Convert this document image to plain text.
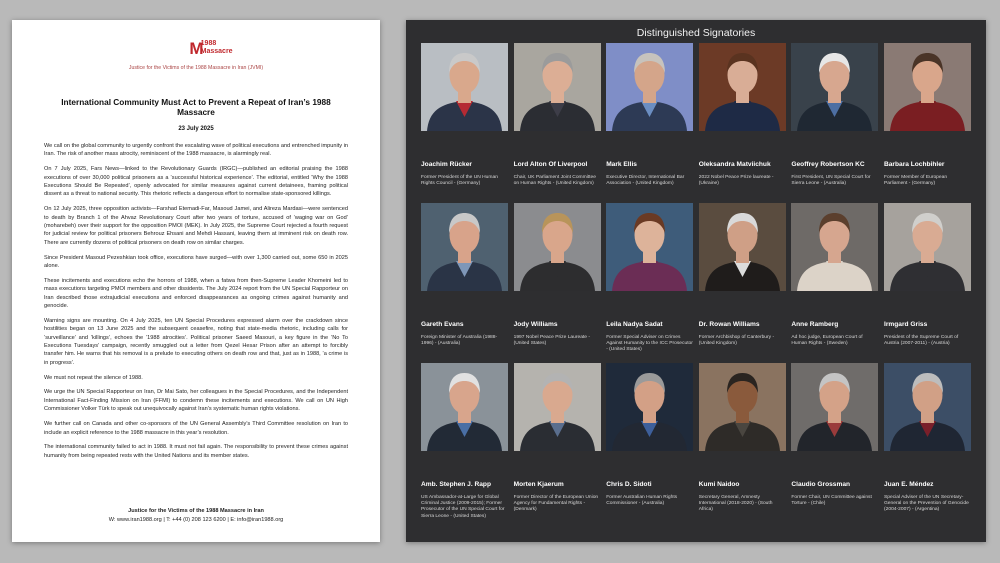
M
1988
Massacre
Justice for the Victims of the 1988 Massacre in Iran (JVMI)
International Community Must Act to Prevent a Repeat of Iran’s 1988 Massacre
23 July 2025

We call on the global community to urgently confront the escalating wave of political executions and entrenched impunity in Iran. The risk of another mass atrocity, reminiscent of the 1988 massacre, is alarmingly real.

On 7 July 2025, Fars News—linked to the Revolutionary Guards (IRGC)—published an editorial praising the 1988 executions of over 30,000 political prisoners as a ‘successful historical experience’. The editorial, entitled ‘Why the 1988 Executions Should Be Repeated’, openly advocated for similar measures against current detainees, framing political dissent as a threat to national security. This rhetoric reflects a dangerous effort to normalise state-sponsored killings.

On 12 July 2025, three opposition activists—Farshad Etemadi-Far, Masoud Jamei, and Alireza Mardasi—were sentenced to death by Branch 1 of the Ahvaz Revolutionary Court after two years of torture, accused of ‘waging war on God’ (moharebeh) over their support for the opposition PMOI (MEK). In July 2025, the Supreme Court rejected a fourth request for judicial review for political prisoners Behrouz Ehsani and Mehdi Hassani, leaving them at imminent risk on death row. There are currently dozens of political prisoners on death row on similar charges.

Since President Masoud Pezeshkian took office, executions have surged—with over 1,300 carried out, some 650 in 2025 alone.

These incitements and executions echo the horrors of 1988, when a fatwa from then-Supreme Leader Khomeini led to mass executions targeting PMOI members and other dissidents. The July 2024 report from the UN Special Rapporteur on Iran described those extrajudicial executions and enforced disappearances as ongoing crimes against humanity and genocide.

Warning signs are mounting. On 4 July 2025, ten UN Special Procedures expressed alarm over the crackdown since hostilities began on 13 June 2025 and the subsequent ceasefire, noting that state-media rhetoric, including calls for ‘surveillance’ and ‘killings’, echoes the ‘1988 atrocities’. Political prisoner Saeed Masouri, a key figure in the ‘No To Executions Tuesdays’ campaign, recently smuggled out a letter from Qezel Hesar Prison after an attempt to forcibly transfer him. He warns that his removal is a prelude to executing others on death row and that, just as in 1988, ‘a crime is in progress’.

We must not repeat the silence of 1988.

We urge the UN Special Rapporteur on Iran, Dr Mai Sato, her colleagues in the Special Procedures, and the Independent International Fact-Finding Mission on Iran (FFMI) to condemn these incitements and executions. We call on UN High Commissioner Volker Türk to speak out unequivocally against Iran’s systematic human rights violations.

We further call on Canada and other co-sponsors of the UN General Assembly’s Third Committee resolution on Iran to include an explicit reference to the 1988 massacre in this year’s resolution.

The international community failed to act in 1988. It must not fail again. The responsibility to prevent these crimes against humanity from being repeated rests with the United Nations and its member states.

Justice for the Victims of the 1988 Massacre in Iran
W: www.iran1988.org | T: +44 (0) 208 123 6200 | E: info@iran1988.org
Distinguished Signatories
Joachim Rücker
Former President of the UN Human Rights Council - (Germany)
Lord Alton Of Liverpool
Chair, UK Parliament Joint Committee on Human Rights - (United Kingdom)
Mark Ellis
Executive Director, International Bar Association - (United Kingdom)
Oleksandra Matviichuk
2022 Nobel Peace Prize laureate - (Ukraine)
Geoffrey Robertson KC
First President, UN Special Court for Sierra Leone - (Australia)
Barbara Lochbihler
Former Member of European Parliament - (Germany)
Gareth Evans
Foreign Minister of Australia (1988-1996) - (Australia)
Jody Williams
1997 Nobel Peace Prize Laureate - (United States)
Leila Nadya Sadat
Former Special Adviser on Crimes Against Humanity to the ICC Prosecutor - (United States)
Dr. Rowan Williams
Former Archbishop of Canterbury - (United Kingdom)
Anne Ramberg
Ad hoc judge, European Court of Human Rights - (Sweden)
Irmgard Griss
President of the Supreme Court of Austria (2007-2011) - (Austria)
Amb. Stephen J. Rapp
US Ambassador-at-Large for Global Criminal Justice (2009-2015); Former Prosecutor of the UN Special Court for Sierra Leone - (United States)
Morten Kjaerum
Former Director of the European Union Agency for Fundamental Rights - (Denmark)
Chris D. Sidoti
Former Australian Human Rights Commissioner - (Australia)
Kumi Naidoo
Secretary General, Amnesty International (2018-2020) - (South Africa)
Claudio Grossman
Former Chair, UN Committee against Torture - (Chile)
Juan E. Méndez
Special Adviser of the UN Secretary-General on the Prevention of Genocide (2004-2007) - (Argentina)
